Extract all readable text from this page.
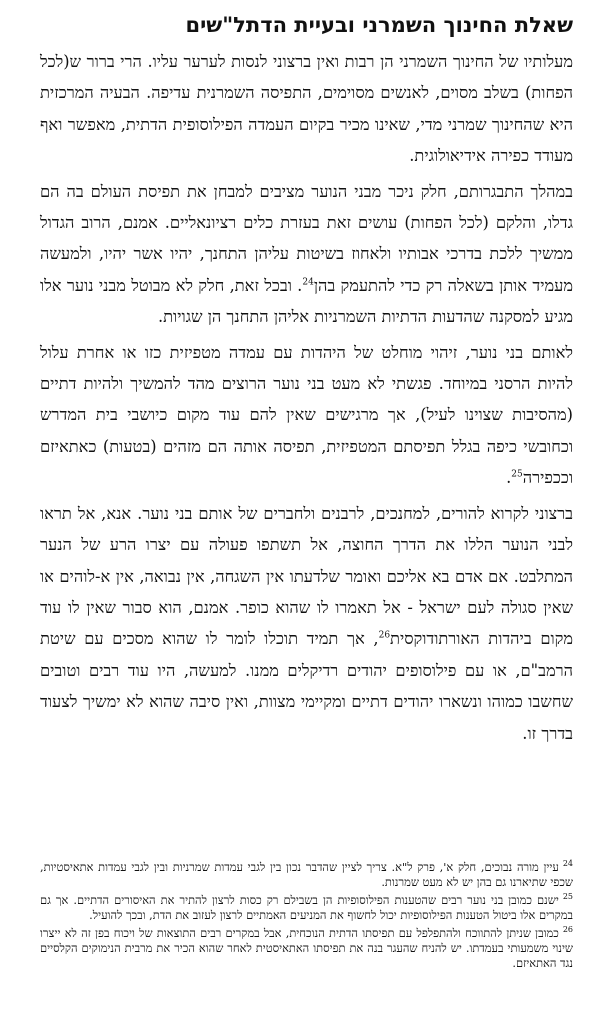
שאלת החינוך השמרני ובעיית הדתל"שים

מעלותיו של החינוך השמרני הן רבות ואין ברצוני לנסות לערער עליו. הרי ברור ש(לכל הפחות) בשלב מסוים, לאנשים מסוימים, התפיסה השמרנית עדיפה. הבעיה המרכזית היא שהחינוך שמרני מדי, שאינו מכיר בקיום העמדה הפילוסופית הדתית, מאפשר ואף מעודד כפירה אידיאולוגית.

במהלך התבגרותם, חלק ניכר מבני הנוער מציבים למבחן את תפיסת העולם בה הם גדלו, והלקם (לכל הפחות) עושים זאת בעזרת כלים רציונאליים. אמנם, הרוב הגדול ממשיך ללכת בדרכי אבותיו ולאחוז בשיטות עליהן התחנך, יהיו אשר יהיו, ולמעשה מעמיד אותן בשאלה רק כדי להתעמק בהן$^{24}$. ובכל זאת, חלק לא מבוטל מבני נוער אלו מגיע למסקנה שהדעות הדתיות השמרניות אליהן התחנך הן שגויות.

לאותם בני נוער, זיהוי מוחלט של היהדות עם עמדה מטפיזית כזו או אחרת עלול להיות הרסני במיוחד. פגשתי לא מעט בני נוער הרוצים מהד להמשיך ולהיות דתיים (מהסיבות שצוינו לעיל), אך מרגישים שאין להם עוד מקום כיושבי בית המדרש וכחובשי כיפה בגלל תפיסתם המטפיזית, תפיסה אותה הם מזהים (בטעות) כאתאיזם וככפירה$^{25}$.

ברצוני לקרוא להורים, למחנכים, לרבנים ולחברים של אותם בני נוער. אנא, אל תראו לבני הנוער הללו את הדרך החוצה, אל תשתפו פעולה עם יצרו הרע של הנער המתלבט. אם אדם בא אליכם ואומר שלדעתו אין השגחה, אין נבואה, אין א-לוהים או שאין סגולה לעם ישראל - אל תאמרו לו שהוא כופר. אמנם, הוא סבור שאין לו עוד מקום ביהדות האורתודוקסית$^{26}$, אך תמיד תוכלו לומר לו שהוא מסכים עם שיטת הרמב"ם, או עם פילוסופים יהודים רדיקלים ממנו. למעשה, היו עוד רבים וטובים שחשבו כמוהו ונשארו יהודים דתיים ומקיימי מצוות, ואין סיבה שהוא לא ימשיך לצעוד בדרך זו.

$^{24}$עיין מורה נבוכים, חלק א', פרק ל"א. צריך לציין שהדבר נכון בין לגבי עמדות שמרניות ובין לגבי עמדות אתאיסטיות, שכפי שתיארנו גם בהן יש לא מעט שמרנות.

$^{25}$ישנם כמובן בני נוער רבים שהטענות הפילוסופיות הן בשבילם רק כסות לרצון להתיר את האיסורים הדתיים. אך גם במקרים אלו ביטול הטענות הפילוסופיות יכול לחשוף את המניעים האמתיים לרצון לעזוב את הדת, ובכך להועיל.

$^{26}$כמובן שניתן להתווכח ולהתפלפל עם תפיסתו הדתית הנוכחית, אבל במקרים רבים התוצאות של ויכוח בפן זה לא ייצרו שינוי משמעותי בעמדתו. יש להניח שהעגר בנה את תפיסתו האתאיסטית לאחר שהוא הכיר את מרבית הנימוקים הקלסיים נגד האתאיזם.
